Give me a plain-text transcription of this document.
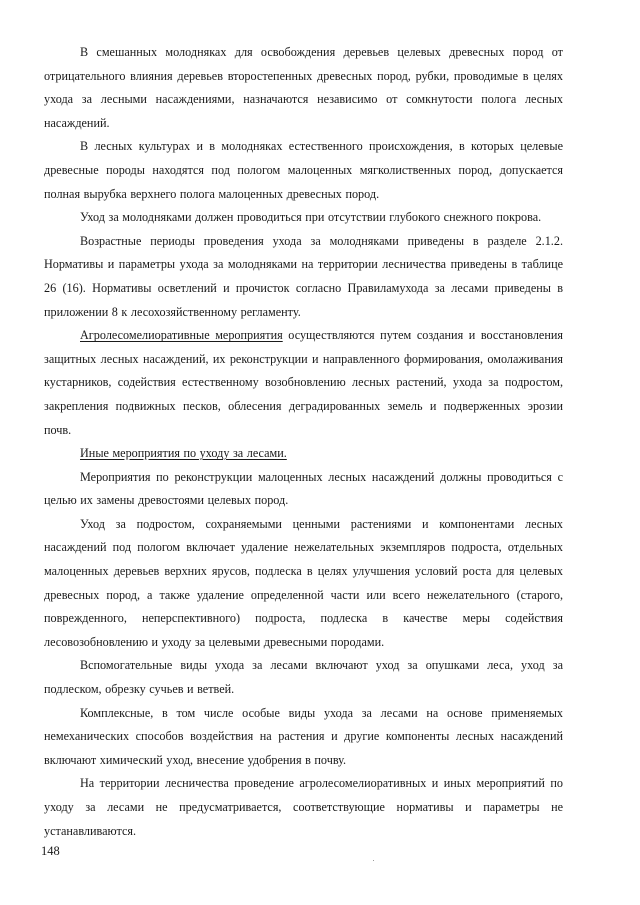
В смешанных молодняках для освобождения деревьев целевых древесных пород от отрицательного влияния деревьев второстепенных древесных пород, рубки, проводимые в целях ухода за лесными насаждениями, назначаются независимо от сомкнутости полога лесных насаждений.

В лесных культурах и в молодняках естественного происхождения, в которых целевые древесные породы находятся под пологом малоценных мягколиственных пород, допускается полная вырубка верхнего полога малоценных древесных пород.

Уход за молодняками должен проводиться при отсутствии глубокого снежного покрова.

Возрастные периоды проведения ухода за молодняками приведены в разделе 2.1.2. Нормативы и параметры ухода за молодняками на территории лесничества приведены в таблице 26 (16). Нормативы осветлений и прочисток согласно Правиламухода за лесами приведены в приложении 8 к лесохозяйственному регламенту.

Агролесомелиоративные мероприятия осуществляются путем создания и восстановления защитных лесных насаждений, их реконструкции и направленного формирования, омолаживания кустарников, содействия естественному возобновлению лесных растений, ухода за подростом, закрепления подвижных песков, облесения деградированных земель и подверженных эрозии почв.

Иные мероприятия по уходу за лесами.

Мероприятия по реконструкции малоценных лесных насаждений должны проводиться с целью их замены древостоями целевых пород.

Уход за подростом, сохраняемыми ценными растениями и компонентами лесных насаждений под пологом включает удаление нежелательных экземпляров подроста, отдельных малоценных деревьев верхних ярусов, подлеска в целях улучшения условий роста для целевых древесных пород, а также удаление определенной части или всего нежелательного (старого, поврежденного, неперспективного) подроста, подлеска в качестве меры содействия лесовозобновлению и уходу за целевыми древесными породами.

Вспомогательные виды ухода за лесами включают уход за опушками леса, уход за подлеском, обрезку сучьев и ветвей.

Комплексные, в том числе особые виды ухода за лесами на основе применяемых немеханических способов воздействия на растения и другие компоненты лесных насаждений включают химический уход, внесение удобрения в почву.

На территории лесничества проведение агролесомелиоративных и иных мероприятий по уходу за лесами не предусматривается, соответствующие нормативы и параметры не устанавливаются.

148
